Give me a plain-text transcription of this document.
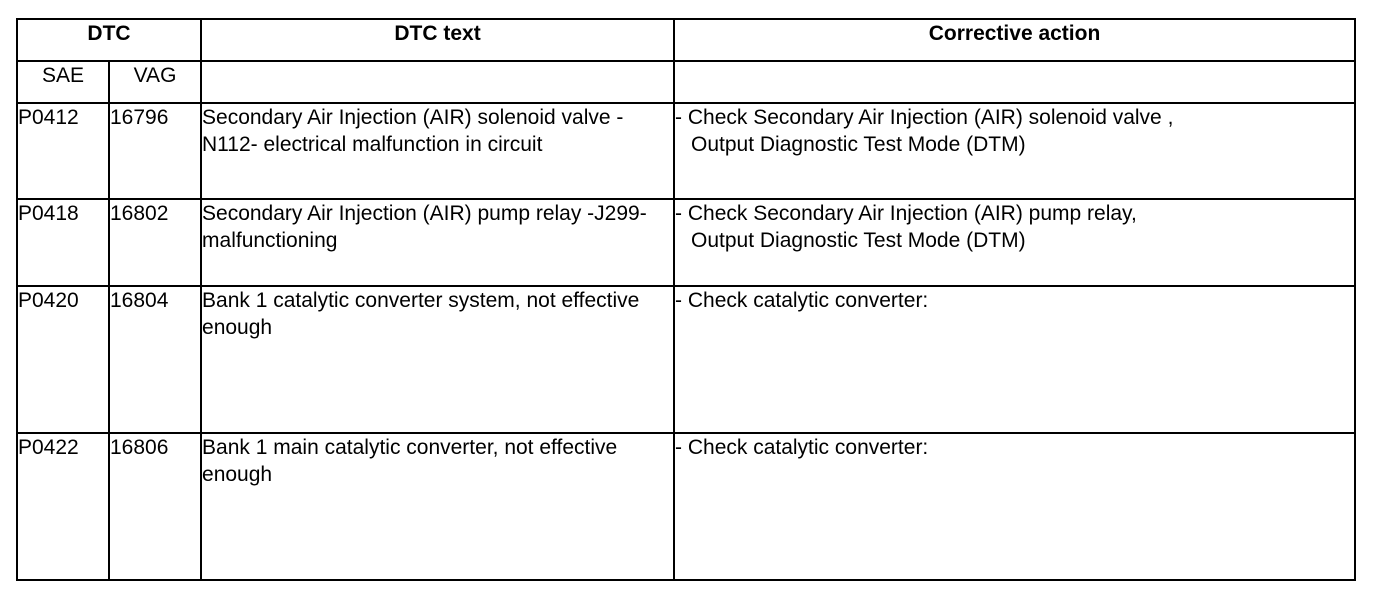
DTC		DTC text	Corrective action
SAE	VAG		
P0412	16796	Secondary Air Injection (AIR) solenoid valve -N112- electrical malfunction in circuit	- Check Secondary Air Injection (AIR) solenoid valve ,
Output Diagnostic Test Mode (DTM)

P0418	16802	Secondary Air Injection (AIR) pump relay -J299- malfunctioning	- Check Secondary Air Injection (AIR) pump relay,
Output Diagnostic Test Mode (DTM)

P0420	16804	Bank 1 catalytic converter system, not effective enough	- Check catalytic converter:

P0422	16806	Bank 1 main catalytic converter, not effective enough	- Check catalytic converter:
